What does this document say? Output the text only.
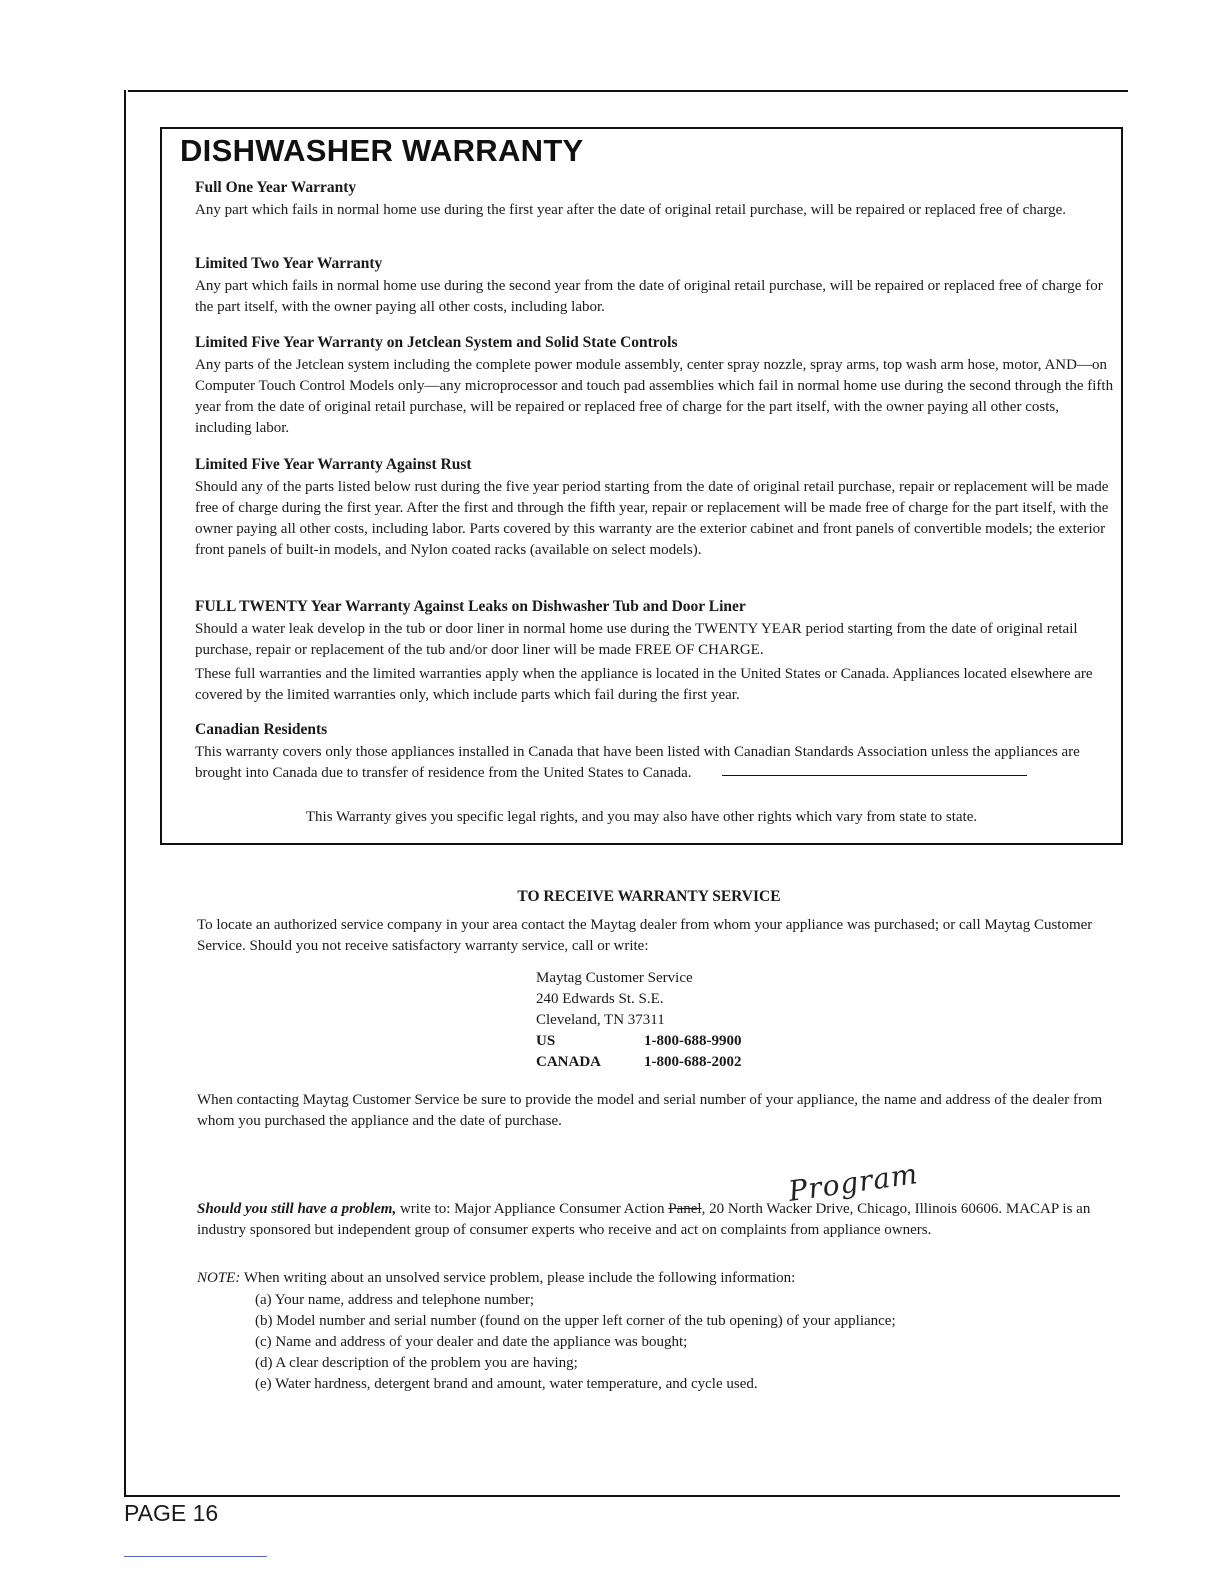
DISHWASHER WARRANTY
Full One Year Warranty

Any part which fails in normal home use during the first year after the date of original retail purchase, will be repaired or replaced free of charge.

Limited Two Year Warranty

Any part which fails in normal home use during the second year from the date of original retail purchase, will be repaired or replaced free of charge for the part itself, with the owner paying all other costs, including labor.

Limited Five Year Warranty on Jetclean System and Solid State Controls

Any parts of the Jetclean system including the complete power module assembly, center spray nozzle, spray arms, top wash arm hose, motor, AND—on Computer Touch Control Models only—any microprocessor and touch pad assemblies which fail in normal home use during the second through the fifth year from the date of original retail purchase, will be repaired or replaced free of charge for the part itself, with the owner paying all other costs, including labor.

Limited Five Year Warranty Against Rust

Should any of the parts listed below rust during the five year period starting from the date of original retail purchase, repair or replacement will be made free of charge during the first year. After the first and through the fifth year, repair or replacement will be made free of charge for the part itself, with the owner paying all other costs, including labor. Parts covered by this warranty are the exterior cabinet and front panels of convertible models; the exterior front panels of built-in models, and Nylon coated racks (available on select models).

FULL TWENTY Year Warranty Against Leaks on Dishwasher Tub and Door Liner

Should a water leak develop in the tub or door liner in normal home use during the TWENTY YEAR period starting from the date of original retail purchase, repair or replacement of the tub and/or door liner will be made FREE OF CHARGE.

These full warranties and the limited warranties apply when the appliance is located in the United States or Canada. Appliances located elsewhere are covered by the limited warranties only, which include parts which fail during the first year.

Canadian Residents

This warranty covers only those appliances installed in Canada that have been listed with Canadian Standards Association unless the appliances are brought into Canada due to transfer of residence from the United States to Canada.

This Warranty gives you specific legal rights, and you may also have other rights which vary from state to state.
TO RECEIVE WARRANTY SERVICE
To locate an authorized service company in your area contact the Maytag dealer from whom your appliance was purchased; or call Maytag Customer Service. Should you not receive satisfactory warranty service, call or write:
Maytag Customer Service
240 Edwards St. S.E.
Cleveland, TN 37311
US	1-800-688-9900
CANADA	1-800-688-2002
When contacting Maytag Customer Service be sure to provide the model and serial number of your appliance, the name and address of the dealer from whom you purchased the appliance and the date of purchase.
Program
Should you still have a problem, write to: Major Appliance Consumer Action Panel, 20 North Wacker Drive, Chicago, Illinois 60606. MACAP is an industry sponsored but independent group of consumer experts who receive and act on complaints from appliance owners.
NOTE: When writing about an unsolved service problem, please include the following information:
(a) Your name, address and telephone number;
(b) Model number and serial number (found on the upper left corner of the tub opening) of your appliance;
(c) Name and address of your dealer and date the appliance was bought;
(d) A clear description of the problem you are having;
(e) Water hardness, detergent brand and amount, water temperature, and cycle used.
PAGE 16
